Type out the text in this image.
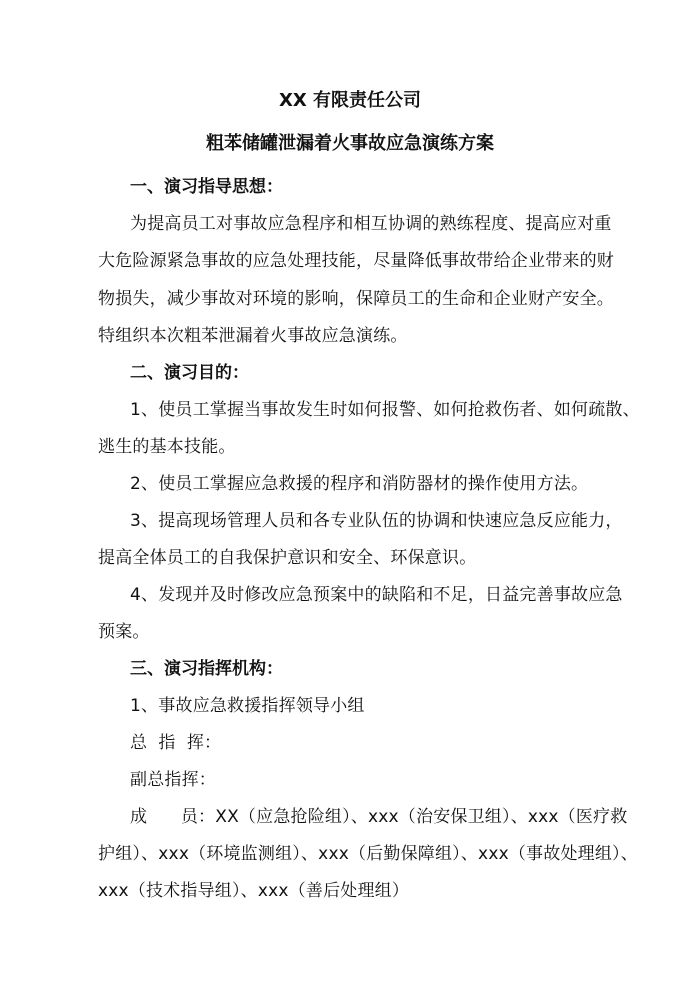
XX 有限责任公司
粗苯储罐泄漏着火事故应急演练方案
一、演习指导思想：
为提高员工对事故应急程序和相互协调的熟练程度、提高应对重
大危险源紧急事故的应急处理技能，尽量降低事故带给企业带来的财
物损失，减少事故对环境的影响，保障员工的生命和企业财产安全。
特组织本次粗苯泄漏着火事故应急演练。
二、演习目的：
1、使员工掌握当事故发生时如何报警、如何抢救伤者、如何疏散、
逃生的基本技能。
2、使员工掌握应急救援的程序和消防器材的操作使用方法。
3、提高现场管理人员和各专业队伍的协调和快速应急反应能力，
提高全体员工的自我保护意识和安全、环保意识。
4、发现并及时修改应急预案中的缺陷和不足，日益完善事故应急
预案。
三、演习指挥机构：
1、事故应急救援指挥领导小组
总  指  挥：
副总指挥：
成      员：XX（应急抢险组）、xxx（治安保卫组）、xxx（医疗救
护组）、xxx（环境监测组）、xxx（后勤保障组）、xxx（事故处理组）、
xxx（技术指导组）、xxx（善后处理组）
